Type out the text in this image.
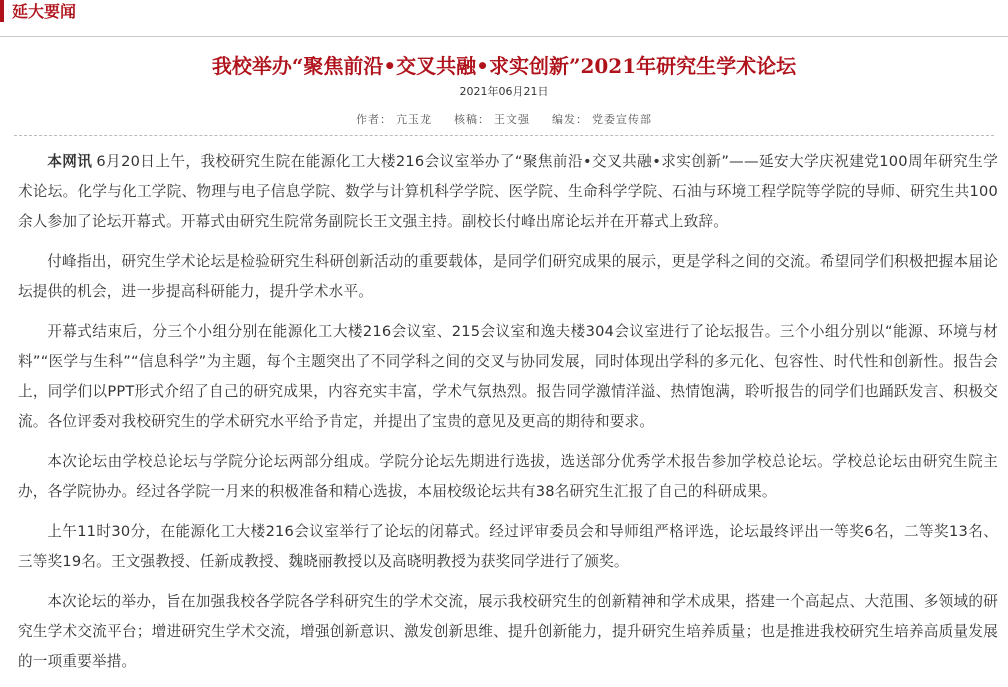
延大要闻
我校举办“聚焦前沿•交叉共融•求实创新”2021年研究生学术论坛
2021年06月21日
作者： 亢玉龙 核稿： 王文强 编发： 党委宣传部

本网讯 6月20日上午，我校研究生院在能源化工大楼216会议室举办了“聚焦前沿•交叉共融•求实创新”——延安大学庆祝建党100周年研究生学术论坛。化学与化工学院、物理与电子信息学院、数学与计算机科学学院、医学院、生命科学学院、石油与环境工程学院等学院的导师、研究生共100余人参加了论坛开幕式。开幕式由研究生院常务副院长王文强主持。副校长付峰出席论坛并在开幕式上致辞。

付峰指出，研究生学术论坛是检验研究生科研创新活动的重要载体，是同学们研究成果的展示，更是学科之间的交流。希望同学们积极把握本届论坛提供的机会，进一步提高科研能力，提升学术水平。

开幕式结束后，分三个小组分别在能源化工大楼216会议室、215会议室和逸夫楼304会议室进行了论坛报告。三个小组分别以“能源、环境与材料”“医学与生科”“信息科学”为主题，每个主题突出了不同学科之间的交叉与协同发展，同时体现出学科的多元化、包容性、时代性和创新性。报告会上，同学们以PPT形式介绍了自己的研究成果，内容充实丰富，学术气氛热烈。报告同学激情洋溢、热情饱满，聆听报告的同学们也踊跃发言、积极交流。各位评委对我校研究生的学术研究水平给予肯定，并提出了宝贵的意见及更高的期待和要求。

本次论坛由学校总论坛与学院分论坛两部分组成。学院分论坛先期进行选拔，选送部分优秀学术报告参加学校总论坛。学校总论坛由研究生院主办，各学院协办。经过各学院一月来的积极准备和精心选拔，本届校级论坛共有38名研究生汇报了自己的科研成果。

上午11时30分，在能源化工大楼216会议室举行了论坛的闭幕式。经过评审委员会和导师组严格评选，论坛最终评出一等奖6名，二等奖13名、三等奖19名。王文强教授、任新成教授、魏晓丽教授以及高晓明教授为获奖同学进行了颁奖。

本次论坛的举办，旨在加强我校各学院各学科研究生的学术交流，展示我校研究生的创新精神和学术成果，搭建一个高起点、大范围、多领域的研究生学术交流平台；增进研究生学术交流，增强创新意识、激发创新思维、提升创新能力，提升研究生培养质量；也是推进我校研究生培养高质量发展的一项重要举措。
